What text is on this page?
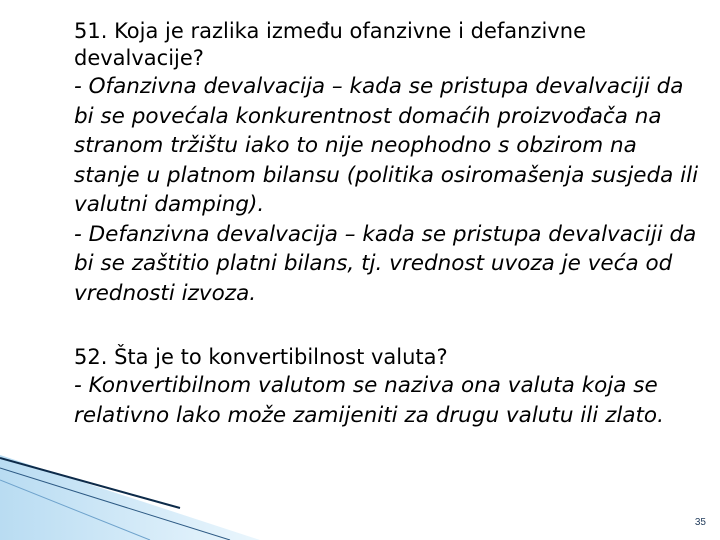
51. Koja je razlika između ofanzivne i defanzivne devalvacije?

- Ofanzivna devalvacija – kada se pristupa devalvaciji da bi se povećala konkurentnost domaćih proizvođača na stranom tržištu iako to nije neophodno s obzirom na stanje u platnom bilansu (politika osiromašenja susjeda ili valutni damping).

- Defanzivna devalvacija – kada se pristupa devalvaciji da bi se zaštitio platni bilans, tj. vrednost uvoza je veća od vrednosti izvoza.

52. Šta je to konvertibilnost valuta?

- Konvertibilnom valutom se naziva ona valuta koja se relativno lako može zamijeniti za drugu valutu ili zlato.

35
